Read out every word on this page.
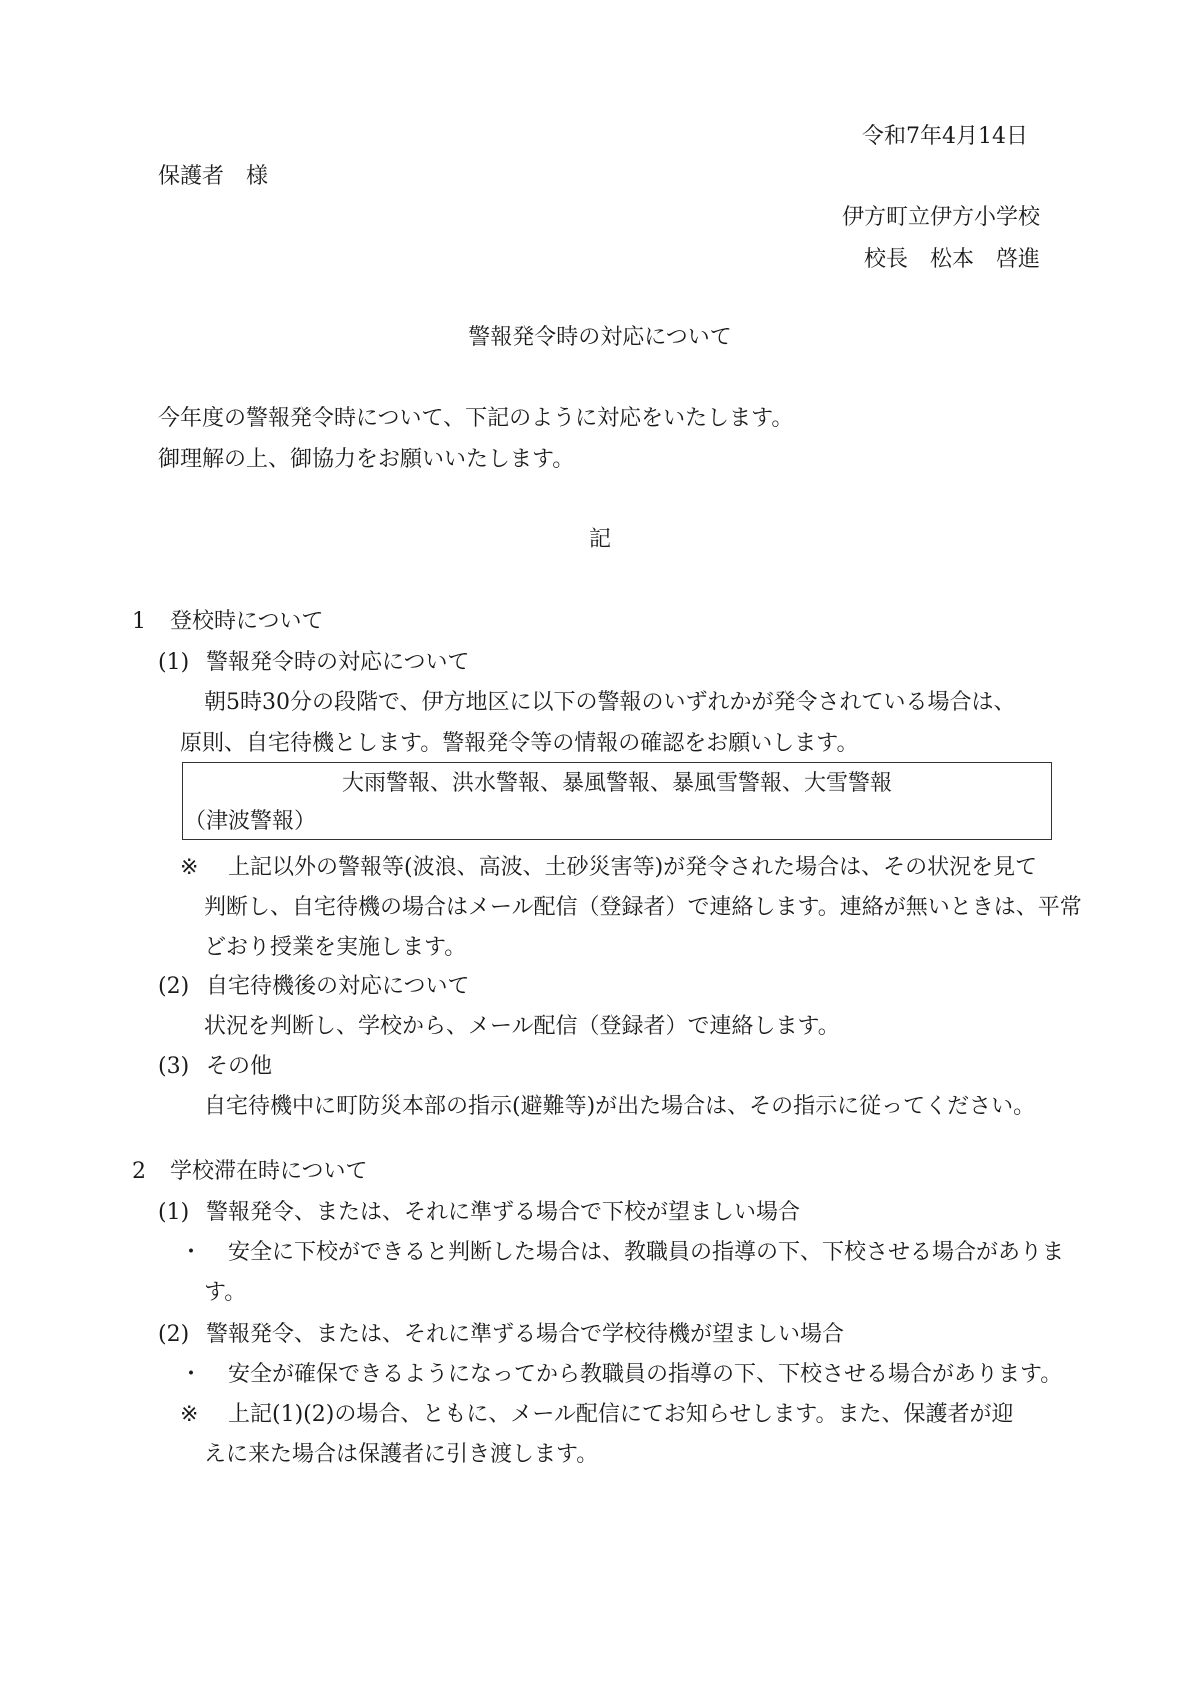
令和7年4月14日
保護者　様
伊方町立伊方小学校
校長　松本　啓進
警報発令時の対応について
今年度の警報発令時について、下記のように対応をいたします。
御理解の上、御協力をお願いいたします。
記
1 登校時について
(1) 警報発令時の対応について
朝5時30分の段階で、伊方地区に以下の警報のいずれかが発令されている場合は、
原則、自宅待機とします。警報発令等の情報の確認をお願いします。
大雨警報、洪水警報、暴風警報、暴風雪警報、大雪警報
（津波警報）
※ 上記以外の警報等(波浪、高波、土砂災害等)が発令された場合は、その状況を見て
判断し、自宅待機の場合はメール配信（登録者）で連絡します。連絡が無いときは、平常
どおり授業を実施します。
(2) 自宅待機後の対応について
状況を判断し、学校から、メール配信（登録者）で連絡します。
(3) その他
自宅待機中に町防災本部の指示(避難等)が出た場合は、その指示に従ってください。
2 学校滞在時について
(1) 警報発令、または、それに準ずる場合で下校が望ましい場合
・ 安全に下校ができると判断した場合は、教職員の指導の下、下校させる場合がありま
す。
(2) 警報発令、または、それに準ずる場合で学校待機が望ましい場合
・ 安全が確保できるようになってから教職員の指導の下、下校させる場合があります。
※ 上記(1)(2)の場合、ともに、メール配信にてお知らせします。また、保護者が迎
えに来た場合は保護者に引き渡します。
